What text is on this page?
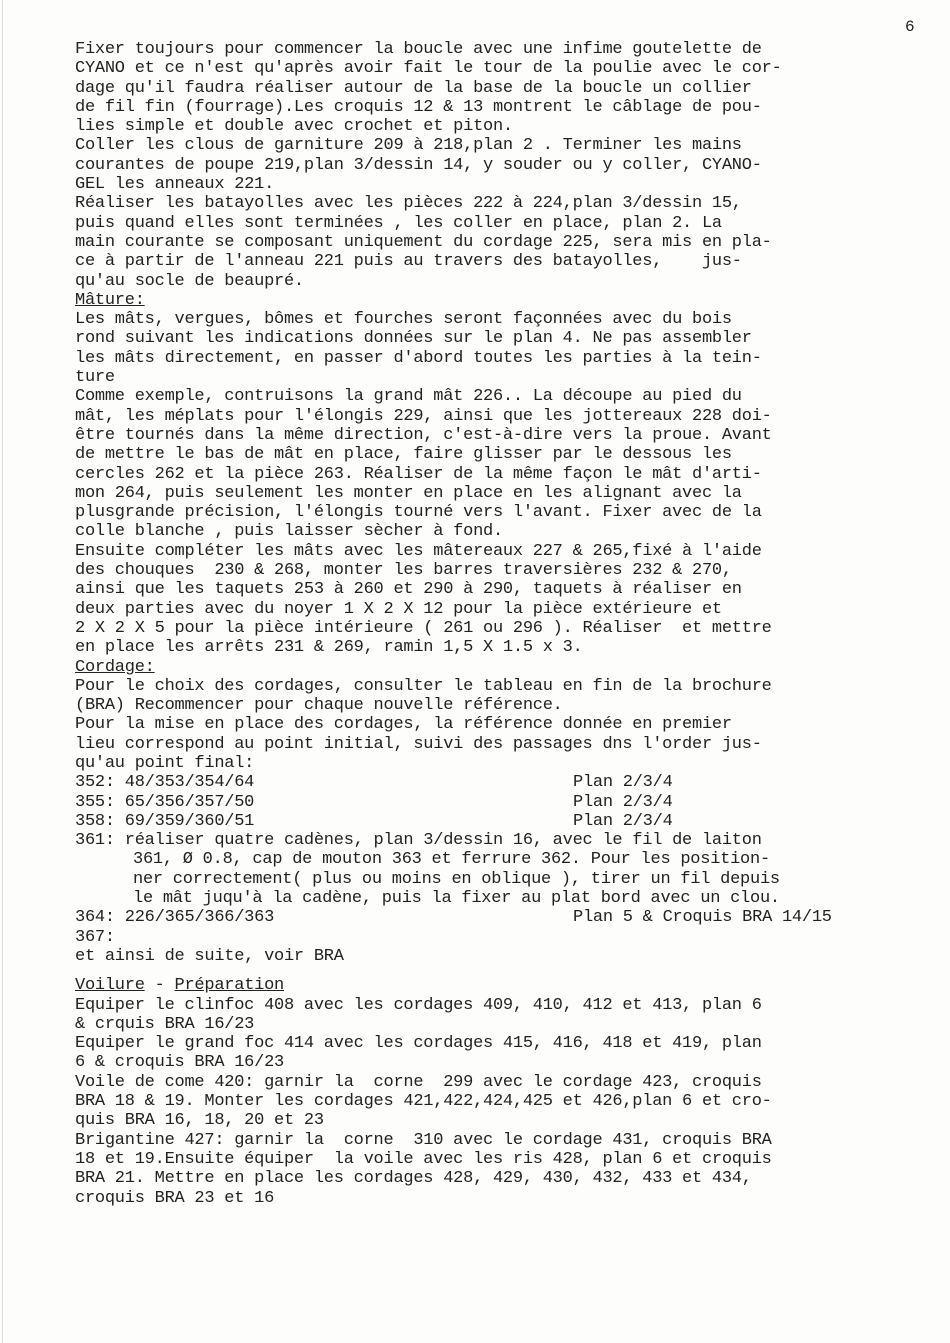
6
Fixer toujours pour commencer la boucle avec une infime goutelette de
CYANO et ce n'est qu'après avoir fait le tour de la poulie avec le cor-
dage qu'il faudra réaliser autour de la base de la boucle un collier
de fil fin (fourrage).Les croquis 12 & 13 montrent le câblage de pou-
lies simple et double avec crochet et piton.
Coller les clous de garniture 209 à 218,plan 2 . Terminer les mains
courantes de poupe 219,plan 3/dessin 14, y souder ou y coller, CYANO-
GEL les anneaux 221.
Réaliser les batayolles avec les pièces 222 à 224,plan 3/dessin 15,
puis quand elles sont terminées , les coller en place, plan 2. La
main courante se composant uniquement du cordage 225, sera mis en pla-
ce à partir de l'anneau 221 puis au travers des batayolles,    jus-
qu'au socle de beaupré.
Mâture:
Les mâts, vergues, bômes et fourches seront façonnées avec du bois
rond suivant les indications données sur le plan 4. Ne pas assembler
les mâts directement, en passer d'abord toutes les parties à la tein-
ture
Comme exemple, contruisons la grand mât 226.. La découpe au pied du
mât, les méplats pour l'élongis 229, ainsi que les jottereaux 228 doi-
être tournés dans la même direction, c'est-à-dire vers la proue. Avant
de mettre le bas de mât en place, faire glisser par le dessous les
cercles 262 et la pièce 263. Réaliser de la même façon le mât d'arti-
mon 264, puis seulement les monter en place en les alignant avec la
plusgrande précision, l'élongis tourné vers l'avant. Fixer avec de la
colle blanche , puis laisser sècher à fond.
Ensuite compléter les mâts avec les mâtereaux 227 & 265,fixé à l'aide
des chouques  230 & 268, monter les barres traversières 232 & 270,
ainsi que les taquets 253 à 260 et 290 à 290, taquets à réaliser en
deux parties avec du noyer 1 X 2 X 12 pour la pièce extérieure et
2 X 2 X 5 pour la pièce intérieure ( 261 ou 296 ). Réaliser  et mettre
en place les arrêts 231 & 269, ramin 1,5 X 1.5 x 3.
Cordage:
Pour le choix des cordages, consulter le tableau en fin de la brochure
(BRA) Recommencer pour chaque nouvelle référence.
Pour la mise en place des cordages, la référence donnée en premier
lieu correspond au point initial, suivi des passages dns l'order jus-
qu'au point final:
352: 48/353/354/64	Plan 2/3/4
355: 65/356/357/50	Plan 2/3/4
358: 69/359/360/51	Plan 2/3/4
361: réaliser quatre cadènes, plan 3/dessin 16, avec le fil de laiton
361, Ø 0.8, cap de mouton 363 et ferrure 362. Pour les position-
ner correctement( plus ou moins en oblique ), tirer un fil depuis
le mât juqu'à la cadène, puis la fixer au plat bord avec un clou.
364: 226/365/366/363	Plan 5 & Croquis BRA 14/15
367:
et ainsi de suite, voir BRA
Voilure - Préparation
Equiper le clinfoc 408 avec les cordages 409, 410, 412 et 413, plan 6
& crquis BRA 16/23
Equiper le grand foc 414 avec les cordages 415, 416, 418 et 419, plan
6 & croquis BRA 16/23
Voile de come 420: garnir la  corne  299 avec le cordage 423, croquis
BRA 18 & 19. Monter les cordages 421,422,424,425 et 426,plan 6 et cro-
quis BRA 16, 18, 20 et 23
Brigantine 427: garnir la  corne  310 avec le cordage 431, croquis BRA
18 et 19.Ensuite équiper  la voile avec les ris 428, plan 6 et croquis
BRA 21. Mettre en place les cordages 428, 429, 430, 432, 433 et 434,
croquis BRA 23 et 16
